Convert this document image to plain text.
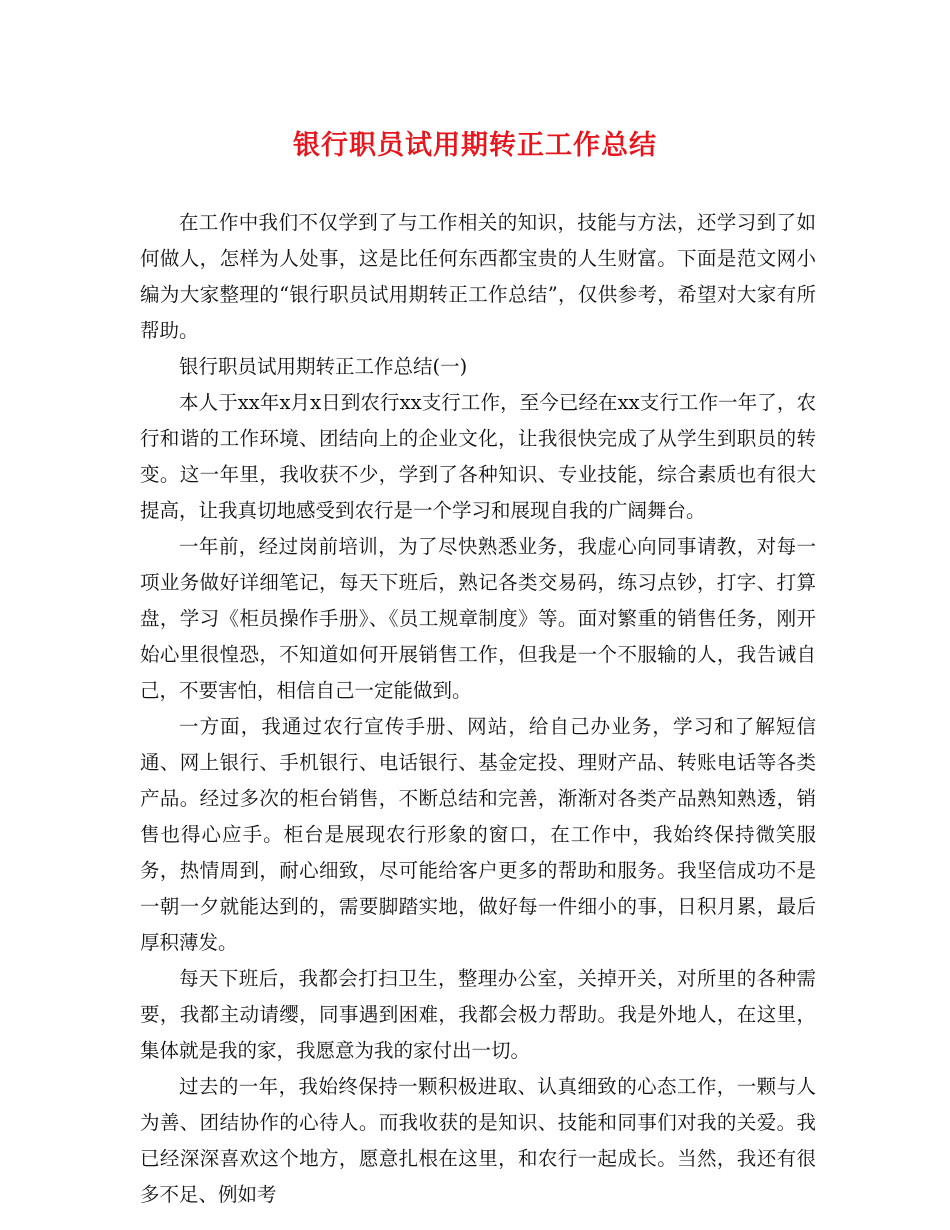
银行职员试用期转正工作总结

在工作中我们不仅学到了与工作相关的知识，技能与方法，还学习到了如何做人，怎样为人处事，这是比任何东西都宝贵的人生财富。下面是范文网小编为大家整理的“银行职员试用期转正工作总结”，仅供参考，希望对大家有所帮助。

银行职员试用期转正工作总结(一)

本人于xx年x月x日到农行xx支行工作，至今已经在xx支行工作一年了，农行和谐的工作环境、团结向上的企业文化，让我很快完成了从学生到职员的转变。这一年里，我收获不少，学到了各种知识、专业技能，综合素质也有很大提高，让我真切地感受到农行是一个学习和展现自我的广阔舞台。

一年前，经过岗前培训，为了尽快熟悉业务，我虚心向同事请教，对每一项业务做好详细笔记，每天下班后，熟记各类交易码，练习点钞，打字、打算盘，学习《柜员操作手册》、《员工规章制度》等。面对繁重的销售任务，刚开始心里很惶恐，不知道如何开展销售工作，但我是一个不服输的人，我告诫自己，不要害怕，相信自己一定能做到。

一方面，我通过农行宣传手册、网站，给自己办业务，学习和了解短信通、网上银行、手机银行、电话银行、基金定投、理财产品、转账电话等各类产品。经过多次的柜台销售，不断总结和完善，渐渐对各类产品熟知熟透，销售也得心应手。柜台是展现农行形象的窗口，在工作中，我始终保持微笑服务，热情周到，耐心细致，尽可能给客户更多的帮助和服务。我坚信成功不是一朝一夕就能达到的，需要脚踏实地，做好每一件细小的事，日积月累，最后厚积薄发。

每天下班后，我都会打扫卫生，整理办公室，关掉开关，对所里的各种需要，我都主动请缨，同事遇到困难，我都会极力帮助。我是外地人，在这里，集体就是我的家，我愿意为我的家付出一切。

过去的一年，我始终保持一颗积极进取、认真细致的心态工作，一颗与人为善、团结协作的心待人。而我收获的是知识、技能和同事们对我的关爱。我已经深深喜欢这个地方，愿意扎根在这里，和农行一起成长。当然，我还有很多不足、例如考
